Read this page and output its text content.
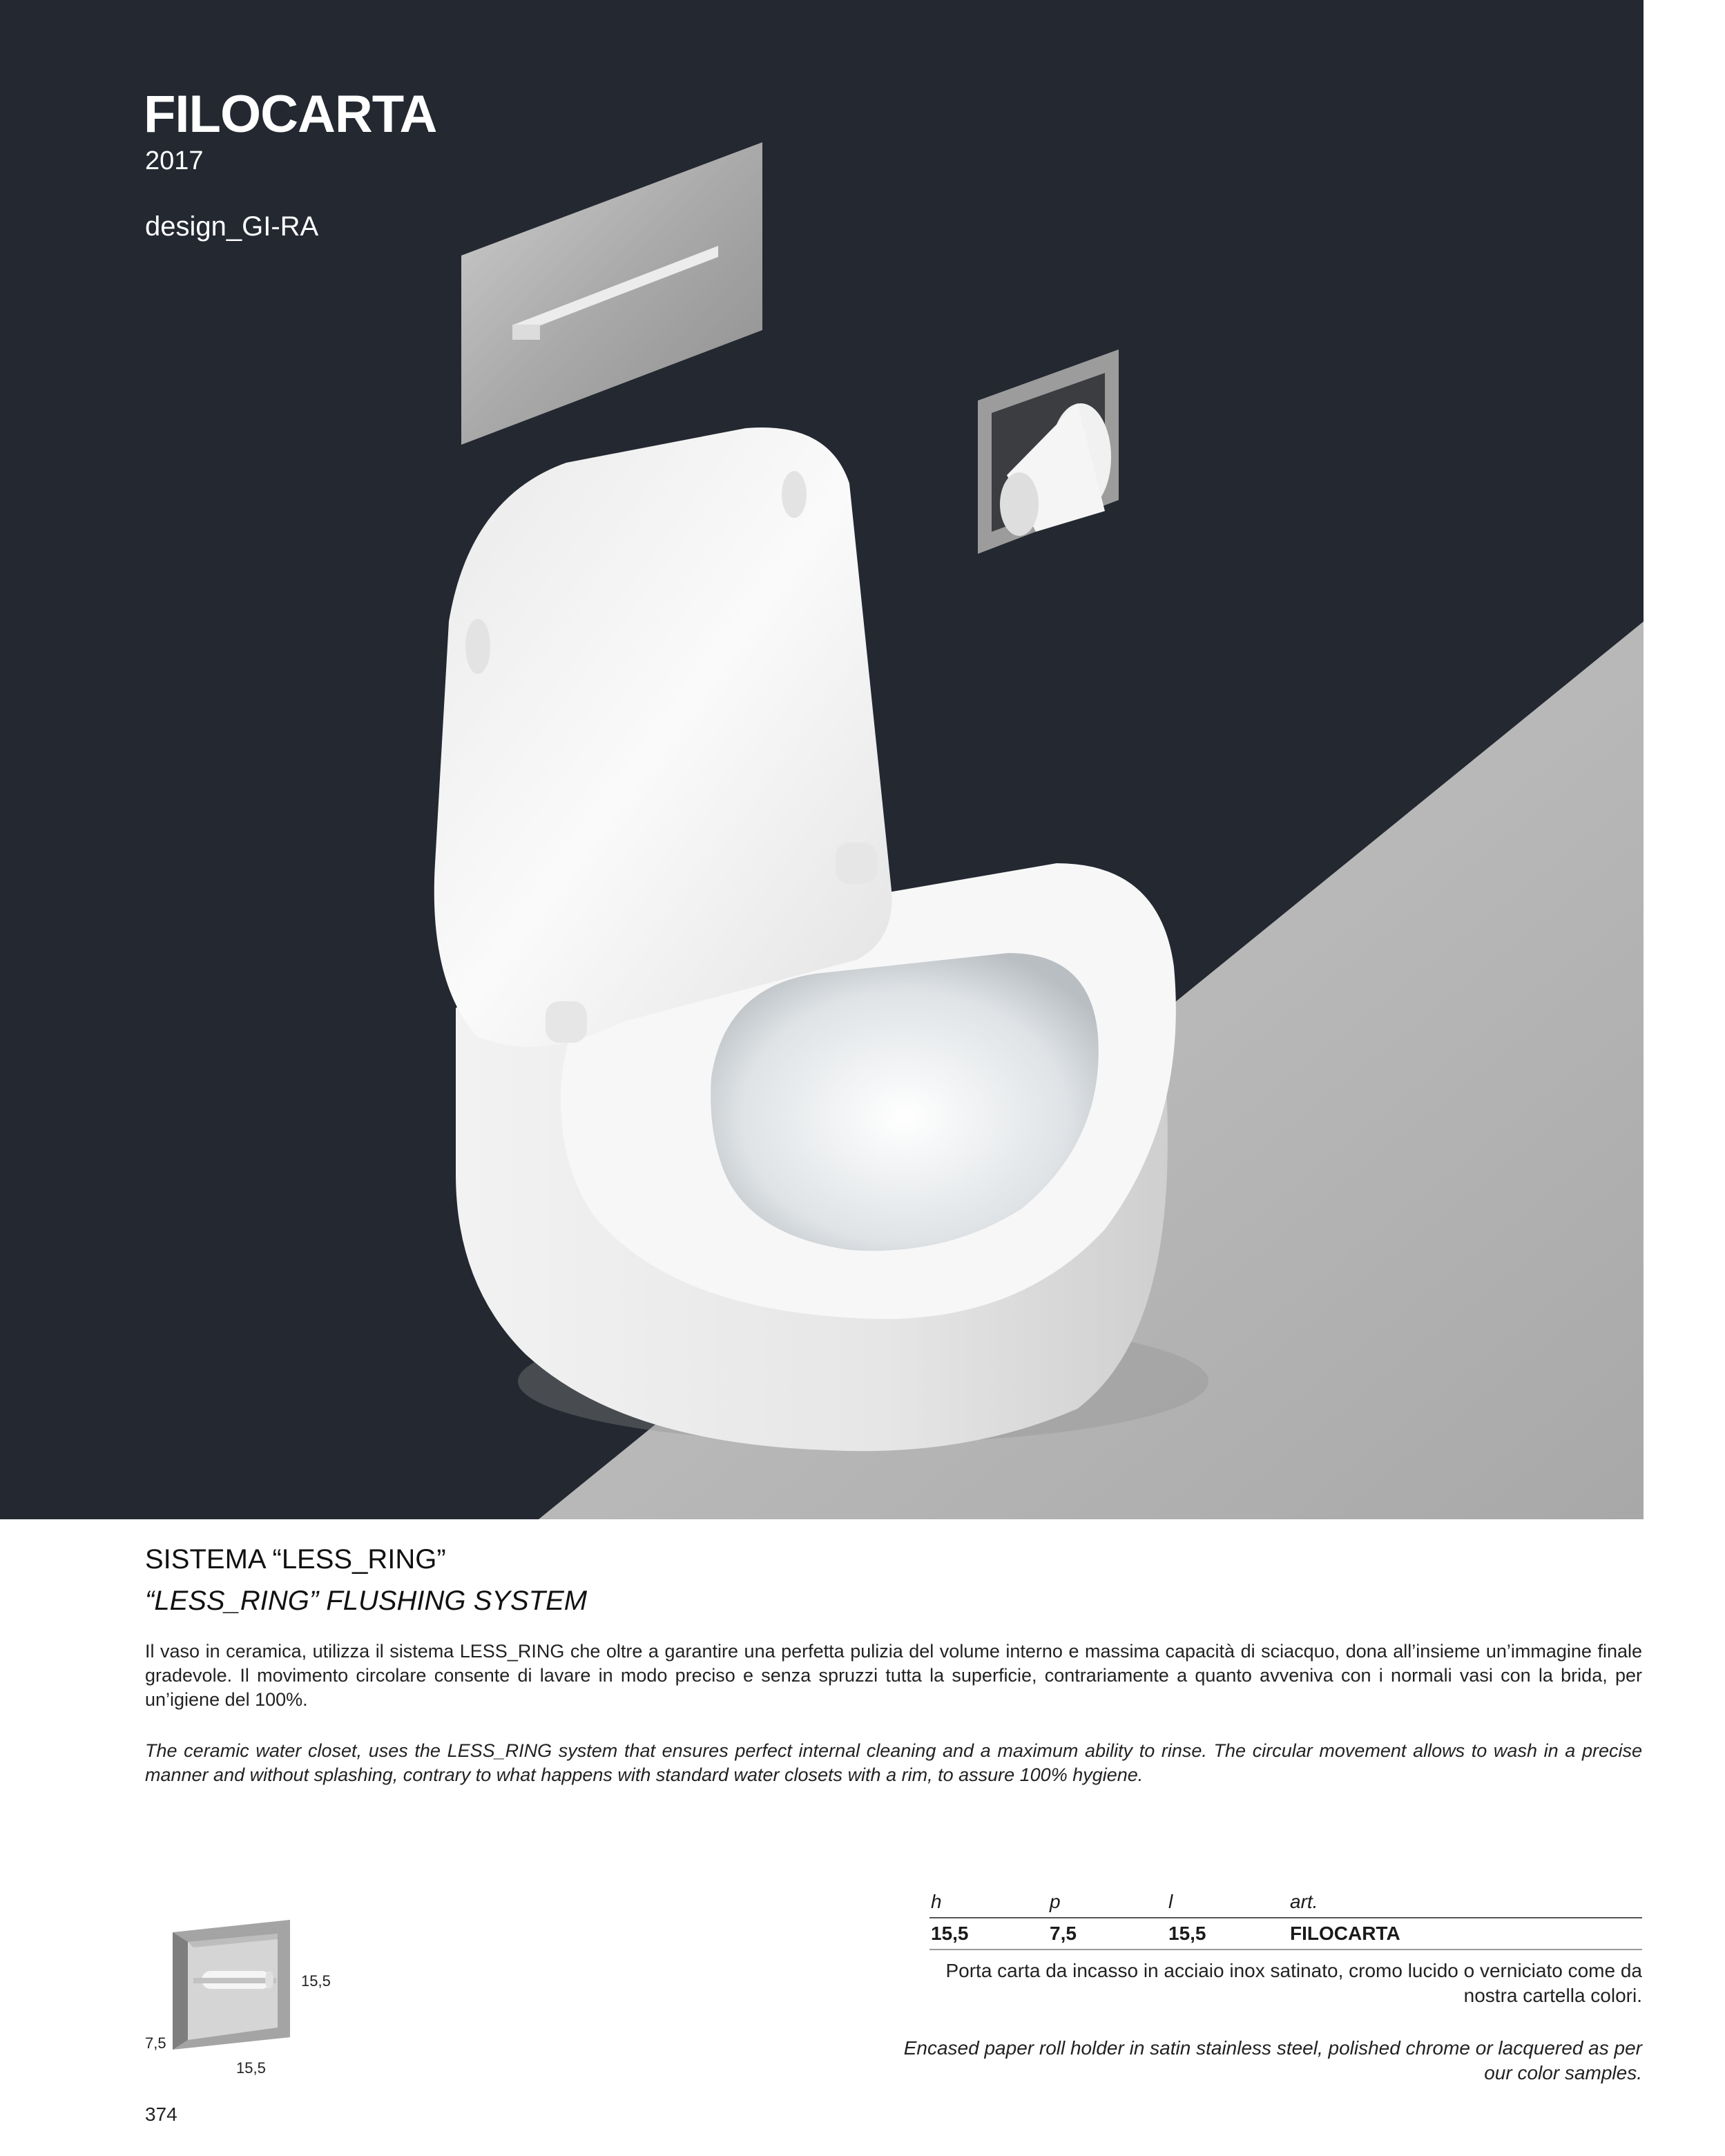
FILOCARTA
2017
design_GI-RA
SISTEMA “LESS_RING”
“LESS_RING” FLUSHING SYSTEM

Il vaso in ceramica, utilizza il sistema LESS_RING che oltre a garantire una perfetta pulizia del volume interno e massima capacità di sciacquo, dona all’insieme un’immagine finale gradevole. Il movimento circolare consente di lavare in modo preciso e senza spruzzi tutta la superficie, contrariamente a quanto avveniva con i normali vasi con la brida, per un’igiene del 100%.

The ceramic water closet, uses the LESS_RING system that ensures perfect internal cleaning and a maximum ability to rinse. The circular movement allows to wash in a precise manner and without splashing, contrary to what happens with standard water closets with a rim, to assure 100% hygiene.

15,5
7,5
15,5
h	p	l	art.
15,5	7,5	15,5	FILOCARTA
Porta carta da incasso in acciaio inox satinato, cromo lucido o verniciato come da nostra cartella colori.
Encased paper roll holder in satin stainless steel, polished chrome or lacquered as per our color samples.
374
